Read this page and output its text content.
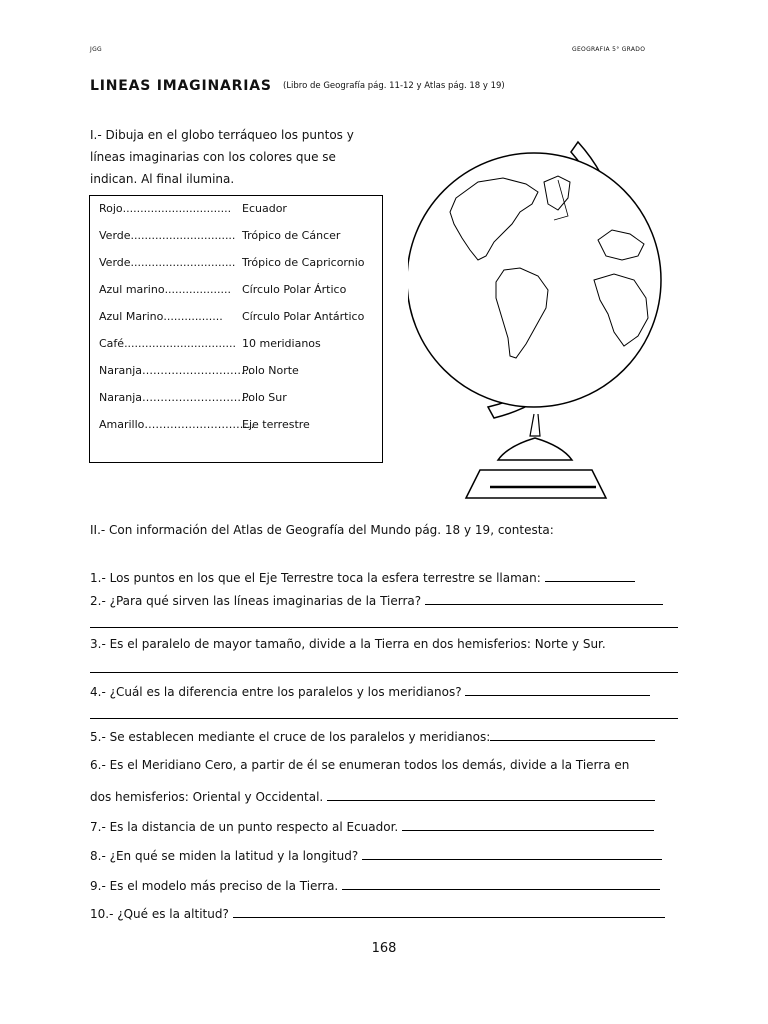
JGG	GEOGRAFIA 5° GRADO
LINEAS IMAGINARIAS (Libro de Geografía pág. 11-12 y Atlas pág. 18 y 19)
I.- Dibuja en el globo terráqueo los puntos y
líneas imaginarias con los colores que se
indican. Al final ilumina.
Rojo............................... Ecuador
Verde.............................. Trópico de Cáncer
Verde.............................. Trópico de Capricornio
Azul marino................... Círculo Polar Ártico
Azul Marino................. Círculo Polar Antártico
Café................................ 10 meridianos
Naranja…………………………
Polo Norte
Naranja…………………………
Polo Sur
Amarillo…………………………
Eje terrestre
II.- Con información del Atlas de Geografía del Mundo pág. 18 y 19, contesta:
1.- Los puntos en los que el Eje Terrestre toca la esfera terrestre se llaman:
2.- ¿Para qué sirven las líneas imaginarias de la Tierra?
3.- Es el paralelo de mayor tamaño, divide a la Tierra en dos hemisferios: Norte y Sur.
4.- ¿Cuál es la diferencia entre los paralelos y los meridianos?
5.- Se establecen mediante el cruce de los paralelos y meridianos:
6.- Es el Meridiano Cero, a partir de él se enumeran todos los demás, divide a la Tierra en
dos hemisferios: Oriental y Occidental.
7.- Es la distancia de un punto respecto al Ecuador.
8.- ¿En qué se miden la latitud y la longitud?
9.- Es el modelo más preciso de la Tierra.
10.- ¿Qué es la altitud?
168
